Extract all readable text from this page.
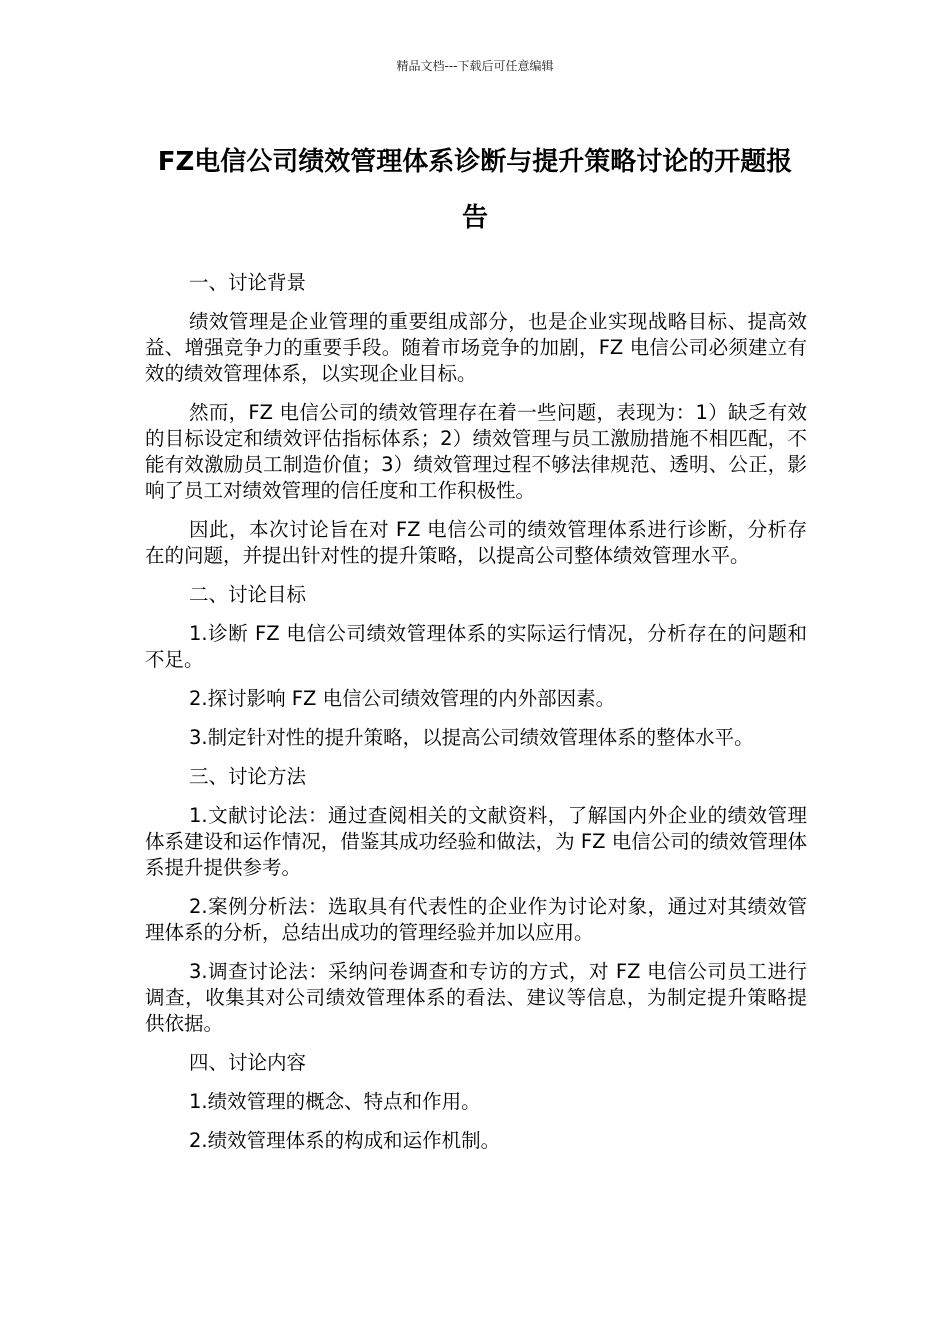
精品文档---下载后可任意编辑
FZ电信公司绩效管理体系诊断与提升策略讨论的开题报告

一、讨论背景

绩效管理是企业管理的重要组成部分，也是企业实现战略目标、提高效益、增强竞争力的重要手段。随着市场竞争的加剧，FZ 电信公司必须建立有效的绩效管理体系，以实现企业目标。

然而，FZ 电信公司的绩效管理存在着一些问题，表现为：1）缺乏有效的目标设定和绩效评估指标体系；2）绩效管理与员工激励措施不相匹配，不能有效激励员工制造价值；3）绩效管理过程不够法律规范、透明、公正，影响了员工对绩效管理的信任度和工作积极性。

因此，本次讨论旨在对 FZ 电信公司的绩效管理体系进行诊断，分析存在的问题，并提出针对性的提升策略，以提高公司整体绩效管理水平。

二、讨论目标

1.诊断 FZ 电信公司绩效管理体系的实际运行情况，分析存在的问题和不足。

2.探讨影响 FZ 电信公司绩效管理的内外部因素。

3.制定针对性的提升策略，以提高公司绩效管理体系的整体水平。

三、讨论方法

1.文献讨论法：通过查阅相关的文献资料，了解国内外企业的绩效管理体系建设和运作情况，借鉴其成功经验和做法，为 FZ 电信公司的绩效管理体系提升提供参考。

2.案例分析法：选取具有代表性的企业作为讨论对象，通过对其绩效管理体系的分析，总结出成功的管理经验并加以应用。

3.调查讨论法：采纳问卷调查和专访的方式，对 FZ 电信公司员工进行调查，收集其对公司绩效管理体系的看法、建议等信息，为制定提升策略提供依据。

四、讨论内容

1.绩效管理的概念、特点和作用。

2.绩效管理体系的构成和运作机制。
